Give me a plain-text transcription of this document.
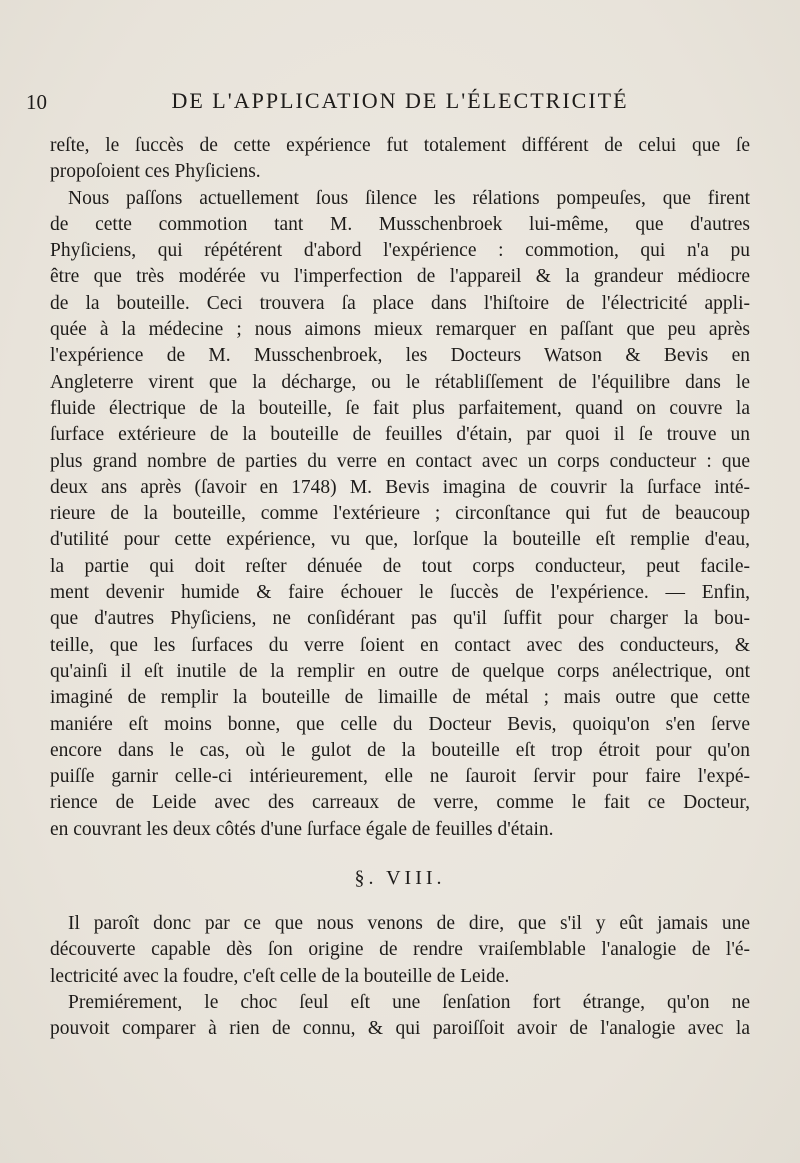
10	DE L'APPLICATION DE L'ÉLECTRICITÉ
reſte, le ſuccès de cette expérience fut totalement différent de celui que ſe
propoſoient ces Phyſiciens.
Nous paſſons actuellement ſous ſilence les rélations pompeuſes, que firent
de cette commotion tant M. Musschenbroek lui-même, que d'autres
Phyſiciens, qui répétérent d'abord l'expérience : commotion, qui n'a pu
être que très modérée vu l'imperfection de l'appareil & la grandeur médiocre
de la bouteille. Ceci trouvera ſa place dans l'hiſtoire de l'électricité appli-
quée à la médecine ; nous aimons mieux remarquer en paſſant que peu après
l'expérience de M. Musschenbroek, les Docteurs Watson & Bevis en
Angleterre virent que la décharge, ou le rétabliſſement de l'équilibre dans le
fluide électrique de la bouteille, ſe fait plus parfaitement, quand on couvre la
ſurface extérieure de la bouteille de feuilles d'étain, par quoi il ſe trouve un
plus grand nombre de parties du verre en contact avec un corps conducteur : que
deux ans après (ſavoir en 1748) M. Bevis imagina de couvrir la ſurface inté-
rieure de la bouteille, comme l'extérieure ; circonſtance qui fut de beaucoup
d'utilité pour cette expérience, vu que, lorſque la bouteille eſt remplie d'eau,
la partie qui doit reſter dénuée de tout corps conducteur, peut facile-
ment devenir humide & faire échouer le ſuccès de l'expérience. — Enfin,
que d'autres Phyſiciens, ne conſidérant pas qu'il ſuffit pour charger la bou-
teille, que les ſurfaces du verre ſoient en contact avec des conducteurs, &
qu'ainſi il eſt inutile de la remplir en outre de quelque corps anélectrique, ont
imaginé de remplir la bouteille de limaille de métal ; mais outre que cette
maniére eſt moins bonne, que celle du Docteur Bevis, quoiqu'on s'en ſerve
encore dans le cas, où le gulot de la bouteille eſt trop étroit pour qu'on
puiſſe garnir celle-ci intérieurement, elle ne ſauroit ſervir pour faire l'expé-
rience de Leide avec des carreaux de verre, comme le fait ce Docteur,
en couvrant les deux côtés d'une ſurface égale de feuilles d'étain.
§. VIII.
Il paroît donc par ce que nous venons de dire, que s'il y eût jamais une
découverte capable dès ſon origine de rendre vraiſemblable l'analogie de l'é-
lectricité avec la foudre, c'eſt celle de la bouteille de Leide.
Premiérement, le choc ſeul eſt une ſenſation fort étrange, qu'on ne
pouvoit comparer à rien de connu, & qui paroiſſoit avoir de l'analogie avec la
